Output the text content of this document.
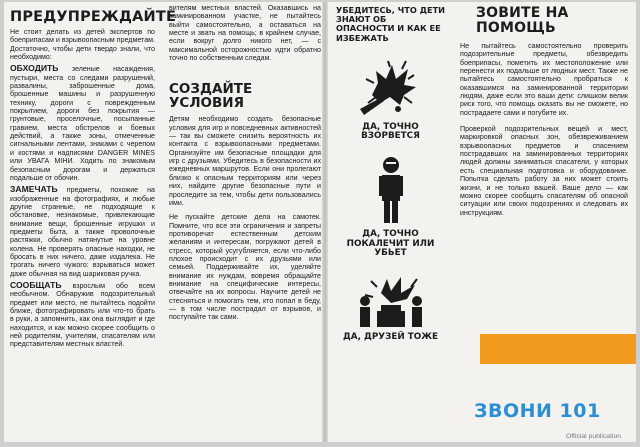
ПРЕДУПРЕЖДАЙТЕ

Не стоит делать из детей экспертов по боеприпасам и взрывоопасным предметам. Достаточно, чтобы дети твердо знали, что необходимо:

ОБХОДИТЬ зеленые насаждения, пустыри, места со следами разрушений, развалины, заброшенные дома, брошенные машины и разрушенную технику, дороги с поврежденным покрытием, дороги без покрытия — грунтовые, проселочные, посыпанные гравием, места обстрелов и боевых действий, а также зоны, отмеченные сигнальными лентами, знаками с черепом и костями и надписями DANGER MINES или УВАГА МІНИ. Ходить по знакомым безопасным дорогам и держаться подальше от обочин.

ЗАМЕЧАТЬ предметы, похожие на изображенные на фотографиях, и любые другие странные, не подходящие к обстановке, незнакомые, привлекающие внимание вещи, брошенные игрушки и предметы быта, а также проволочные растяжки, обычно натянутые на уровне колена. Не проверять опасные находки, не бросать в них ничего, даже издалека. Не трогать ничего чужого: взрываться может даже обычная на вид шариковая ручка.

СООБЩАТЬ взрослым обо всем необычном. Обнаружив подозрительный предмет или место, не пытайтесь подойти ближе, фотографировать или что-то брать в руки, а запомнить, как она выглядит и где находится, и как можно скорее сообщить о ней родителям, учителям, спасателям или представителям местных властей.

вителям местных властей. Оказавшись на заминированном участке, не пытайтесь выйти самостоятельно, а оставаться на месте и звать на помощь; в крайнем случае, если вокруг долго никого нет, — с максимальной осторожностью идти обратно точно по собственным следам.

СОЗДАЙТЕ УСЛОВИЯ

Детям необходимо создать безопасные условия для игр и повседневных активностей — так вы сможете снизить вероятность их контакта с взрывоопасными предметами. Организуйте им безопасные площадки для игр с друзьями. Убедитесь в безопасности их ежедневных маршрутов. Если они пролегают близко к опасным территориям или через них, найдите другие безопасные пути и проследите за тем, чтобы дети пользовались ими.

Не пускайте детские дела на самотек. Помните, что все эти ограничения и запреты противоречат естественным детским желаниям и интересам, погружают детей в стресс, который усугубляется, если что-либо плохое происходит с их друзьями или семьей. Поддерживайте их, уделяйте внимание их нуждам, вовремя обращайте внимание на специфические интересы, отвечайте на их вопросы. Научите детей не стесняться и помогать тем, кто попал в беду, — в том числе пострадал от взрывов, и поступайте так сами.

УБЕДИТЕСЬ, ЧТО ДЕТИ ЗНАЮТ ОБ ОПАСНОСТИ И КАК ЕЕ ИЗБЕЖАТЬ
ДА, ТОЧНО ВЗОРВЕТСЯ
ДА, ТОЧНО ПОКАЛЕЧИТ ИЛИ УБЬЕТ
ДА, ДРУЗЕЙ ТОЖЕ
ЗОВИТЕ НА ПОМОЩЬ

Не пытайтесь самостоятельно проверить подозрительные предметы, обезвредить боеприпасы, пометить их местоположение или перенести их подальше от людных мест. Также не пытайтесь самостоятельно пробраться к оказавшимся на заминированной территории людям, даже если это ваши дети: слишком велик риск того, что помощь оказать вы не сможете, но пострадаете сами и погубите их.

Проверкой подозрительных вещей и мест, маркировкой опасных зон, обезвреживанием взрывоопасных предметов и спасением пострадавших на заминированных территориях людей должны заниматься спасатели, у которых есть специальная подготовка и оборудование. Попытка сделать работу за них может стоить жизни, и не только вашей. Ваше дело — как можно скорее сообщить спасателям об опасной ситуации или своих подозрениях и следовать их инструкциям.

ЗВОНИ 101
Official publication
